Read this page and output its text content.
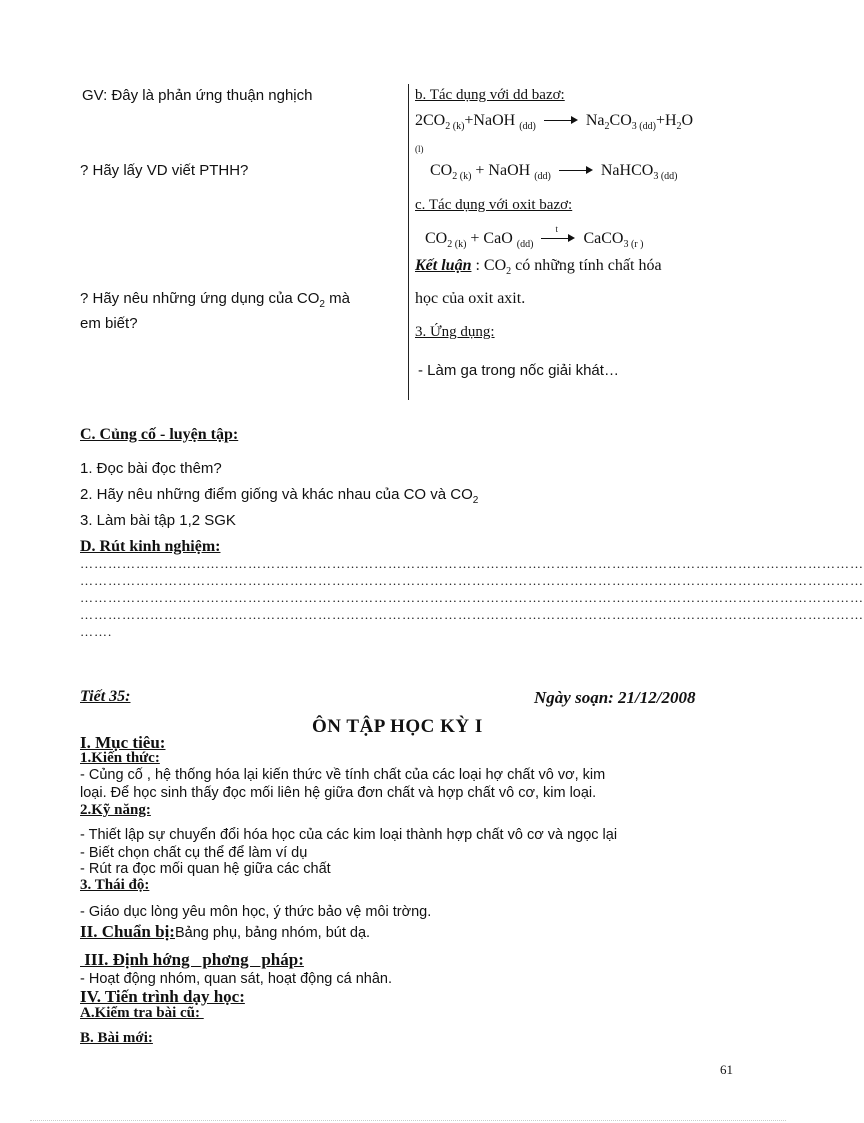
GV: Đây là phản ứng thuận nghịch
? Hãy lấy VD viết PTHH?
? Hãy nêu những ứng dụng của $CO_2$ mà
em biết?
b. Tác dụng với dd bazơ:
$2CO_{2 (k)}+NaOH$ $_{(dd)}$	$Na_2CO_{3 (dd)}+H_2O$
(l)
$CO_{2 (k)}$ + NaOH $_{(dd)}$	NaHCO$_{3 (dd)}$
c. Tác dụng với oxit bazơ:
$CO_{2 (k)}$ + CaO $_{(dd)}$
t
CaCO$_{3 (r )}$
Kết luận : $CO_2$ có những tính chất hóa
học của oxit axit.
3. Ứng dụng:
- Làm ga trong nốc giải khát…
C. Củng cố - luyện tập:
1. Đọc bài đọc thêm?
2. Hãy nêu những điểm giống và khác nhau của CO và $CO_2$
3. Làm bài tập 1,2 SGK
D. Rút kinh nghiệm:
……………………………………………………………………………………………………………………………………………………
……………………………………………………………………………………………………………………………………………………
……………………………………………………………………………………………………………………………………………………
……………………………………………………………………………………………………………………………………………………
…….
Tiết 35:	Ngày soạn: 21/12/2008
ÔN TẬP HỌC KỲ I
I. Mục tiêu:
1.Kiến thức:
- Củng cố , hệ thống hóa lại kiến thức về tính chất của các loại hợ chất vô vơ, kim
loại. Để học sinh thấy đọc mối liên hệ giữa đơn chất và hợp chất vô cơ, kim loại.
2.Kỹ năng:
- Thiết lập sự chuyển đổi hóa học của các kim loại thành hợp chất vô cơ và ngọc lại
- Biết chọn chất cụ thể để làm ví dụ
- Rút ra đọc mối quan hệ giữa các chất
3. Thái độ:
- Giáo dục lòng yêu môn học, ý thức bảo vệ môi trờng.
II. Chuẩn bị:Bảng phụ, bảng nhóm, bút dạ.
III. Định hớng   phơng   pháp:
- Hoạt động nhóm, quan sát, hoạt động cá nhân.
IV. Tiến trình dạy học:
A.Kiểm tra bài cũ:
B. Bài mới:
61
